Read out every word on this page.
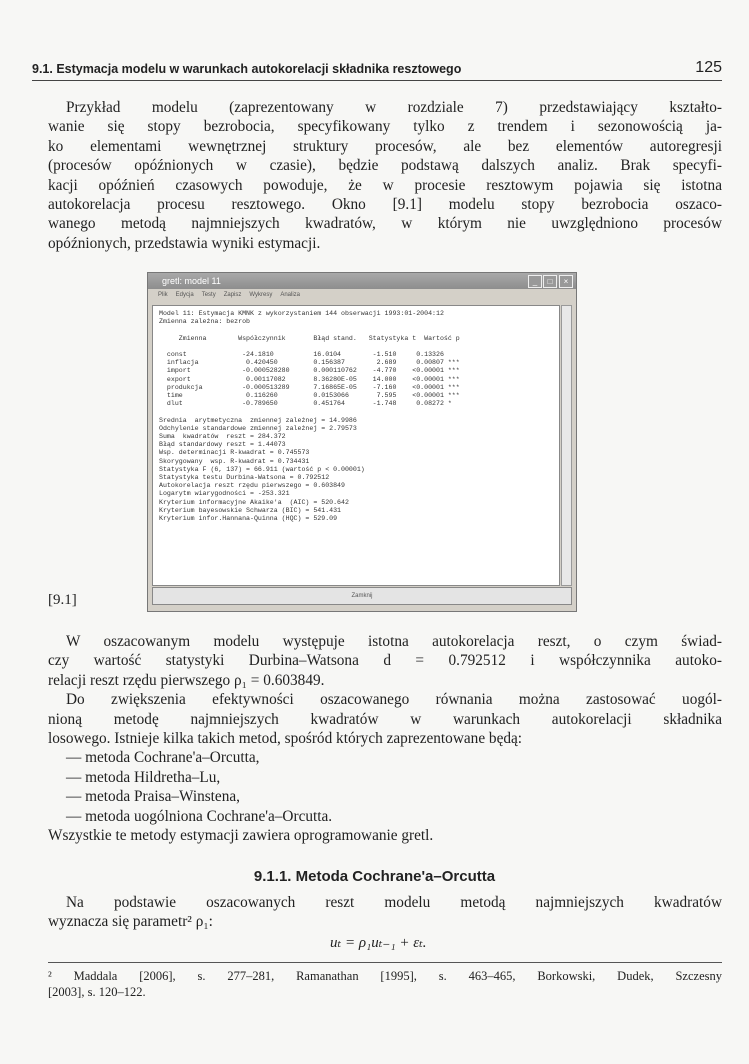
9.1. Estymacja modelu w warunkach autokorelacji składnika resztowego	125
Przykład modelu (zaprezentowany w rozdziale 7) przedstawiający kształto-
wanie się stopy bezrobocia, specyfikowany tylko z trendem i sezonowością ja-
ko elementami wewnętrznej struktury procesów, ale bez elementów autoregresji
(procesów opóźnionych w czasie), będzie podstawą dalszych analiz. Brak specyfi-
kacji opóźnień czasowych powoduje, że w procesie resztowym pojawia się istotna
autokorelacja procesu resztowego. Okno [9.1] modelu stopy bezrobocia oszaco-
wanego metodą najmniejszych kwadratów, w którym nie uwzględniono procesów
opóźnionych, przedstawia wyniki estymacji.
gretl: model 11	_	□	×
Plik Edycja Testy Zapisz Wykresy Analiza
Model 11: Estymacja KMNK z wykorzystaniem 144 obserwacji 1993:01-2004:12
Zmienna zależna: bezrob

Zmienna        Współczynnik       Błąd stand.   Statystyka t  Wartość p

const              -24.1810          16.0104        -1.510     0.13326
inflacja            0.420450         0.156387        2.689     0.00807 ***
import             -0.000528280      0.000110762    -4.770    <0.00001 ***
export              0.00117082       8.36280E-05    14.000    <0.00001 ***
produkcja          -0.000513289      7.16865E-05    -7.160    <0.00001 ***
time                0.116260         0.0153066       7.595    <0.00001 ***
dlut               -0.789650         0.451764       -1.748     0.08272 *

Srednia  arytmetyczna  zmiennej zależnej = 14.9986
Odchylenie standardowe zmiennej zależnej = 2.79573
Suma  kwadratów  reszt = 284.372
Błąd standardowy reszt = 1.44073
Wsp. determinacji R-kwadrat = 0.745573
Skorygowany  wsp. R-kwadrat = 0.734431
Statystyka F (6, 137) = 66.911 (wartość p < 0.00001)
Statystyka testu Durbina-Watsona = 0.792512
Autokorelacja reszt rzędu pierwszego = 0.603849
Logarytm wiarygodności = -253.321
Kryterium informacyjne Akaike'a  (AIC) = 520.642
Kryterium bayesowskie Schwarza (BIC) = 541.431
Kryterium infor.Hannana-Quinna (HQC) = 529.09
Zamknij
[9.1]
W oszacowanym modelu występuje istotna autokorelacja reszt, o czym świad-
czy wartość statystyki Durbina–Watsona d = 0.792512 i współczynnika autoko-
relacji reszt rzędu pierwszego ρ₁ = 0.603849.
Do zwiększenia efektywności oszacowanego równania można zastosować uogól-
nioną metodę najmniejszych kwadratów w warunkach autokorelacji składnika
losowego. Istnieje kilka takich metod, spośród których zaprezentowane będą:
— metoda Cochrane'a–Orcutta,
— metoda Hildretha–Lu,
— metoda Praisa–Winstena,
— metoda uogólniona Cochrane'a–Orcutta.
Wszystkie te metody estymacji zawiera oprogramowanie gretl.
9.1.1. Metoda Cochrane'a–Orcutta
Na podstawie oszacowanych reszt modelu metodą najmniejszych kwadratów
wyznacza się parametr² ρ₁:
uₜ = ρ₁uₜ₋₁ + εₜ.
² Maddala [2006], s. 277–281, Ramanathan [1995], s. 463–465, Borkowski, Dudek, Szczesny
[2003], s. 120–122.
